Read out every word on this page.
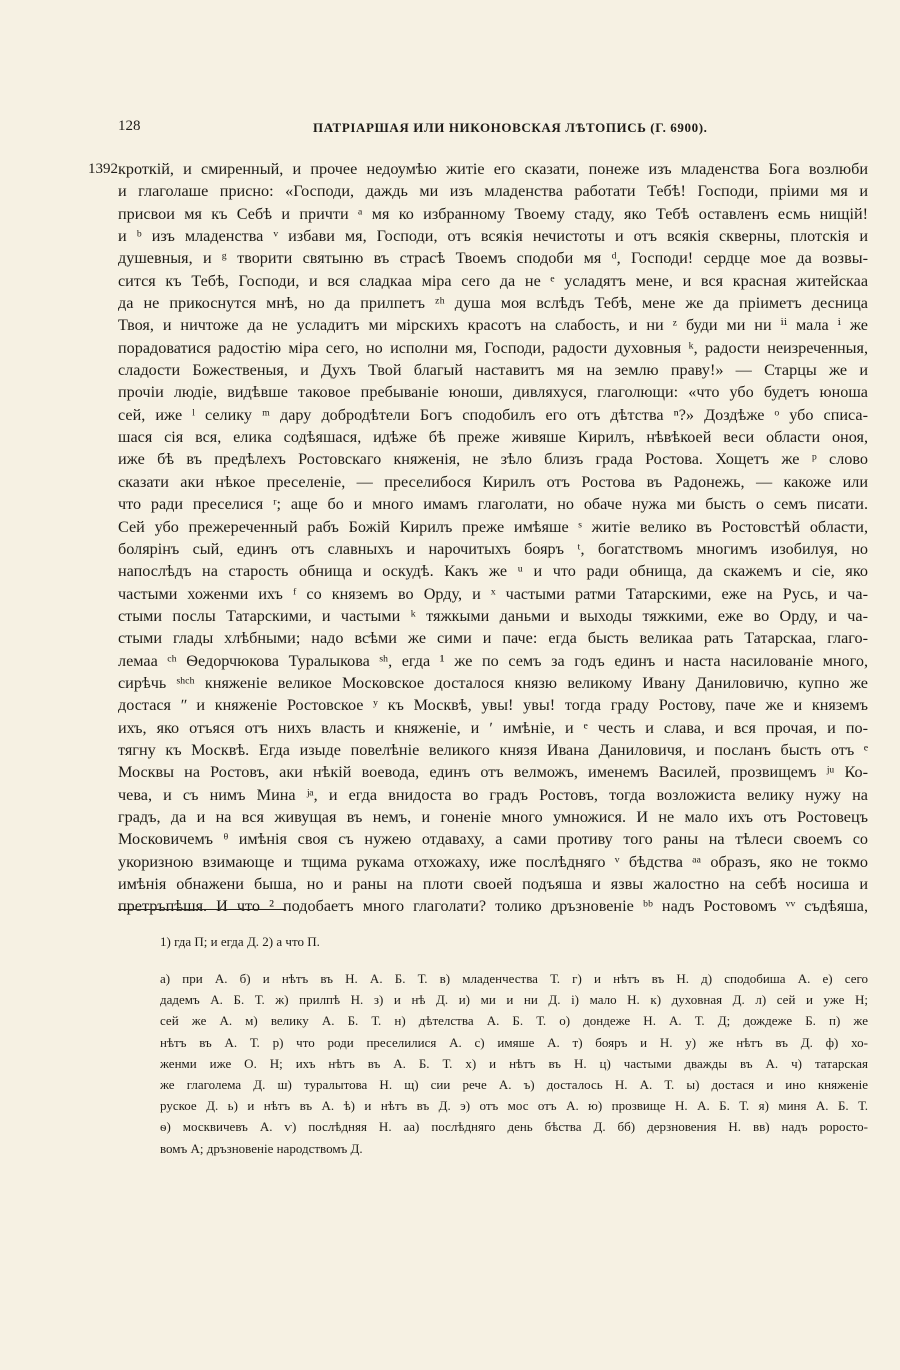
128	ПАТРІАРШАЯ ИЛИ НИКОНОВСКАЯ ЛѢТОПИСЬ (Г. 6900).
1392 кроткій, и смиренный, и прочее недоумѣю житіе его сказати, понеже изъ младенства Бога возлюби
и глаголаше присно: «Господи, даждь ми изъ младенства работати Тебѣ! Господи, пріими мя и
присвои мя къ Себѣ и причти ᵃ мя ко избранному Твоему стаду, яко Тебѣ оставленъ есмь нищій!
и ᵇ изъ младенства ᵛ избави мя, Господи, отъ всякія нечистоты и отъ всякія скверны, плотскія и
душевныя, и ᵍ творити святыню въ страсѣ Твоемъ сподоби мя ᵈ, Господи! сердце мое да возвы-
сится къ Тебѣ, Господи, и вся сладкаа міра сего да не ᵉ усладятъ мене, и вся красная житейскаа
да не прикоснутся мнѣ, но да прилпетъ ᶻʰ душа моя вслѣдъ Тебѣ, мене же да пріиметъ десница
Твоя, и ничтоже да не усладитъ ми мірскихъ красотъ на слабость, и ни ᶻ буди ми ни ⁱⁱ мала ⁱ же
порадоватися радостію міра сего, но исполни мя, Господи, радости духовныя ᵏ, радости неизреченныя,
сладости Божественыя, и Духъ Твой благый наставитъ мя на землю праву!» — Старцы же и
прочіи людіе, видѣвше таковое пребываніе юноши, дивляхуся, глаголющи: «что убо будетъ юноша
сей, иже ˡ селику ᵐ дару добродѣтели Богъ сподобилъ его отъ дѣтства ⁿ?» Доздѣже ᵒ убо списа-
шася сія вся, елика содѣяшася, идѣже бѣ преже живяше Кирилъ, нѣвѣкоей веси области оноя,
иже бѣ въ предѣлехъ Ростовскаго княженія, не зѣло близъ града Ростова. Хощетъ же ᵖ слово
сказати аки нѣкое преселеніе, — преселибося Кирилъ отъ Ростова въ Радонежь, — какоже или
что ради преселися ʳ; аще бо и много имамъ глаголати, но обаче нужа ми бысть о семъ писати.
Сей убо прежереченный рабъ Божій Кирилъ преже имѣяше ˢ житіе велико въ Ростовстѣй области,
болярінъ сый, единъ отъ славныхъ и нарочитыхъ бояръ ᵗ, богатствомъ многимъ изобилуя, но
напослѣдъ на старость обнища и оскудѣ. Какъ же ᵘ и что ради обнища, да скажемъ и сіе, яко
частыми хоженми ихъ ᶠ со княземъ во Орду, и ˣ частыми ратми Татарскими, еже на Русь, и ча-
стыми послы Татарскими, и частыми ᵏ тяжкыми даньми и выходы тяжкими, еже во Орду, и ча-
стыми глады хлѣбными; надо всѣми же сими и паче: егда бысть великаа рать Татарскаа, глаго-
лемаа ᶜʰ Ѳедорчюкова Туралыкова ˢʰ, егда ¹ же по семъ за годъ единъ и наста насилованіе много,
сирѣчь ˢʰᶜʰ княженіе великое Московское досталося князю великому Ивану Даниловичю, купно же
достася ʺ и княженіе Ростовское ʸ къ Москвѣ, увы! увы! тогда граду Ростову, паче же и княземъ
ихъ, яко отъяся отъ нихъ власть и княженіе, и ʹ имѣніе, и ᵉ честь и слава, и вся прочая, и по-
тягну къ Москвѣ. Егда изыде повелѣніе великого князя Ивана Даниловичя, и посланъ бысть отъ ᵉ
Москвы на Ростовъ, аки нѣкій воевода, единъ отъ велможъ, именемъ Василей, прозвищемъ ʲᵘ Ко-
чева, и съ нимъ Мина ʲᵃ, и егда внидоста во градъ Ростовъ, тогда возложиста велику нужу на
градъ, да и на вся живущая въ немъ, и гоненіе много умножися. И не мало ихъ отъ Ростовецъ
Московичемъ ᶿ имѣнія своя съ нужею отдаваху, а сами противу того раны на тѣлеси своемъ со
укоризною взимающе и тщима рукама отхожаху, иже послѣдняго ᵛ бѣдства ᵃᵃ образъ, яко не токмо
имѣнія обнажени быша, но и раны на плоти своей подъяша и язвы жалостно на себѣ носиша и
претръпѣшя. И что ² подобаетъ много глаголати? толико дръзновеніе ᵇᵇ надъ Ростовомъ ᵛᵛ съдѣяша,
1) гда П; и егда Д. 2) а что П.
а) при А. б) и нѣтъ въ Н. А. Б. Т. в) младенчества Т. г) и нѣтъ въ Н. д) сподобиша А. е) сего
дадемъ А. Б. Т. ж) прилпѣ Н. з) и нѣ Д. и) ми и ни Д. і) мало Н. к) духовная Д. л) сей и уже Н;
сей же А. м) велику А. Б. Т. н) дѣтелства А. Б. Т. о) дондеже Н. А. Т. Д; дождеже Б. п) же
нѣтъ въ А. Т. р) что роди преселилися А. с) имяше А. т) бояръ и Н. у) же нѣтъ въ Д. ф) хо-
женми иже О. Н; ихъ нѣтъ въ А. Б. Т. х) и нѣтъ въ Н. ц) частыми дважды въ А. ч) татарская
же глаголема Д. ш) туралытова Н. щ) сии рече А. ъ) досталось Н. А. Т. ы) достася и ино княженіе
руское Д. ь) и нѣтъ въ А. ѣ) и нѣтъ въ Д. э) отъ мос отъ А. ю) прозвище Н. А. Б. Т. я) миня А. Б. Т.
ѳ) москвичевъ А. ѵ) послѣдняя Н. аа) послѣдняго день бѣства Д. бб) дерзновения Н. вв) надъ роросто-
вомъ А; дръзновеніе народствомъ Д.
